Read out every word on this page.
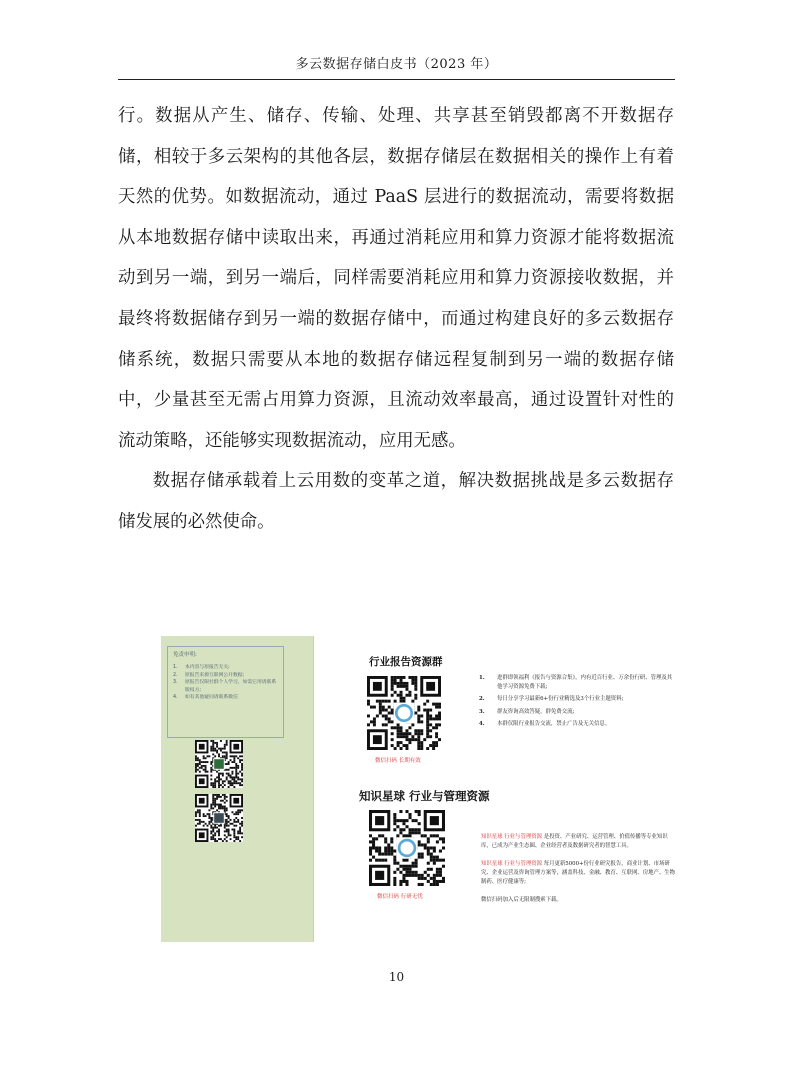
多云数据存储白皮书（2023 年）

行。数据从产生、储存、传输、处理、共享甚至销毁都离不开数据存储，相较于多云架构的其他各层，数据存储层在数据相关的操作上有着天然的优势。如数据流动，通过 PaaS 层进行的数据流动，需要将数据从本地数据存储中读取出来，再通过消耗应用和算力资源才能将数据流动到另一端，到另一端后，同样需要消耗应用和算力资源接收数据，并最终将数据储存到另一端的数据存储中，而通过构建良好的多云数据存储系统，数据只需要从本地的数据存储远程复制到另一端的数据存储中，少量甚至无需占用算力资源，且流动效率最高，通过设置针对性的流动策略，还能够实现数据流动，应用无感。

数据存储承载着上云用数的变革之道，解决数据挑战是多云数据存储发展的必然使命。

免责申明:

1.	本内容与原报告无关;
2.	原报告来源互联网公开数据;
3.	原报告仅限社群个人学习，如需它用请联系版权方;
4.	如有其他疑问请联系微信
行业报告资源群
微信扫码 长期有效
微信扫码 行研无忧
知识星球 行业与管理资源
1.	进群即领福利《报告与资源合集》，内有近百行业、万余份行研、管理及其他学习资源免费下载;
2.	每日分享学习最新6+份行业精选及3个行业主题资料;
3.	群友咨询高效答疑，群免费交流;
4.	本群仅限行业报告交流，禁止广告及无关信息。

知识星球 行业与管理资源 是投资、产业研究、运营管理、价值传播等专业知识库，已成为产业生态圈、企业经营者及数据研究者的智慧工具。

知识星球 行业与管理资源 每月更新5000+份行业研究报告，商业计划、市场研究、企业运营及咨询管理方案等，涵盖科技、金融、教育、互联网、房地产、生物制药、医疗健康等;

微信扫码加入后无限制搜索下载。

10
